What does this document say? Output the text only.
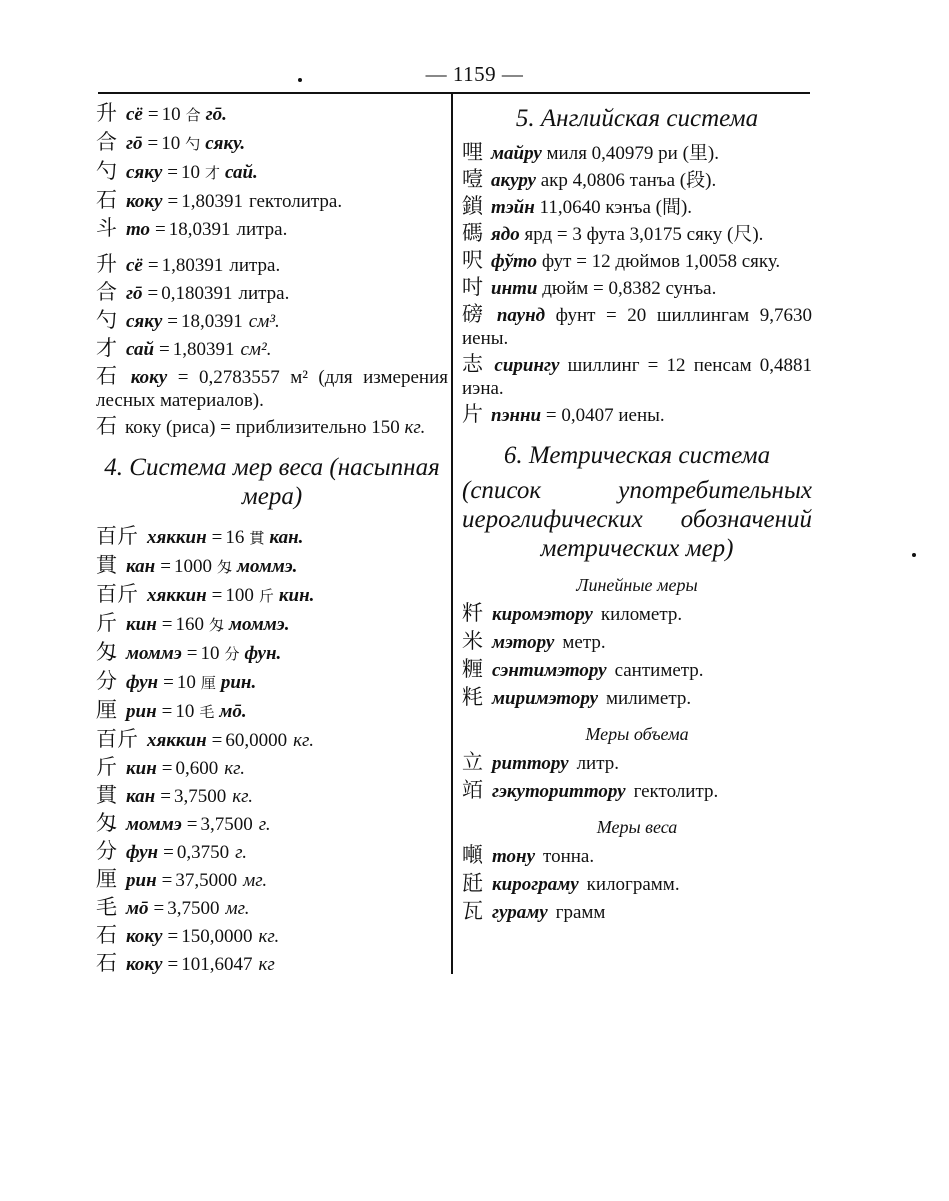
— 1159 —
升 сё = 10 合 гō.
合 гō = 10 勺 сяку.
勺 сяку = 10 才 сай.
石 коку = 1,80391 гектолитра.
斗 то = 18,0391 литра.
升 сё = 1,80391 литра.
合 гō = 0,180391 литра.
勺 сяку = 18,0391 см³.
才 сай = 1,80391 см².
石 коку = 0,2783557 м² (для измерения лесных материалов).
石 коку (риса) = приблизительно 150 кг.
4. Система мер веса (насыпная мера)
百斤 хяккин = 16 貫 кан.
貫 кан = 1000 匁 моммэ.
百斤 хяккин = 100 斤 кин.
斤 кин = 160 匁 моммэ.
匁 моммэ = 10 分 фун.
分 фун = 10 厘 рин.
厘 рин = 10 毛 мō.
百斤 хяккин = 60,0000 кг.
斤 кин = 0,600 кг.
貫 кан = 3,7500 кг.
匁 моммэ = 3,7500 г.
分 фун = 0,3750 г.
厘 рин = 37,5000 мг.
毛 мō = 3,7500 мг.
石 коку = 150,0000 кг.
石 коку = 101,6047 кг
5. Английская система
哩 майру миля 0,40979 ри (里).
噎 акуру акр 4,0806 танъа (段).
鎖 тэйн 11,0640 кэнъа (間).
碼 ядо ярд = 3 фута 3,0175 сяку (尺).
呎 фўто фут = 12 дюймов 1,0058 сяку.
吋 инти дюйм = 0,8382 сунъа.
磅 паунд фунт = 20 шиллингам 9,7630 иены.
志 сирингу шиллинг = 12 пенсам 0,4881 иэна.
片 пэнни = 0,0407 иены.
6. Метрическая система
(список употребительных иероглифических обозначений метрических мер)
Линейные меры
粁 киромэтору километр.
米 мэтору метр.
糎 сэнтимэтору сантиметр.
粍 миримэтору милиметр.
Меры объема
立 риттору литр.
竡 гэкуториттору гектолитр.
Меры веса
噸 тону тонна.
瓩 кирограму килограмм.
瓦 гураму грамм
